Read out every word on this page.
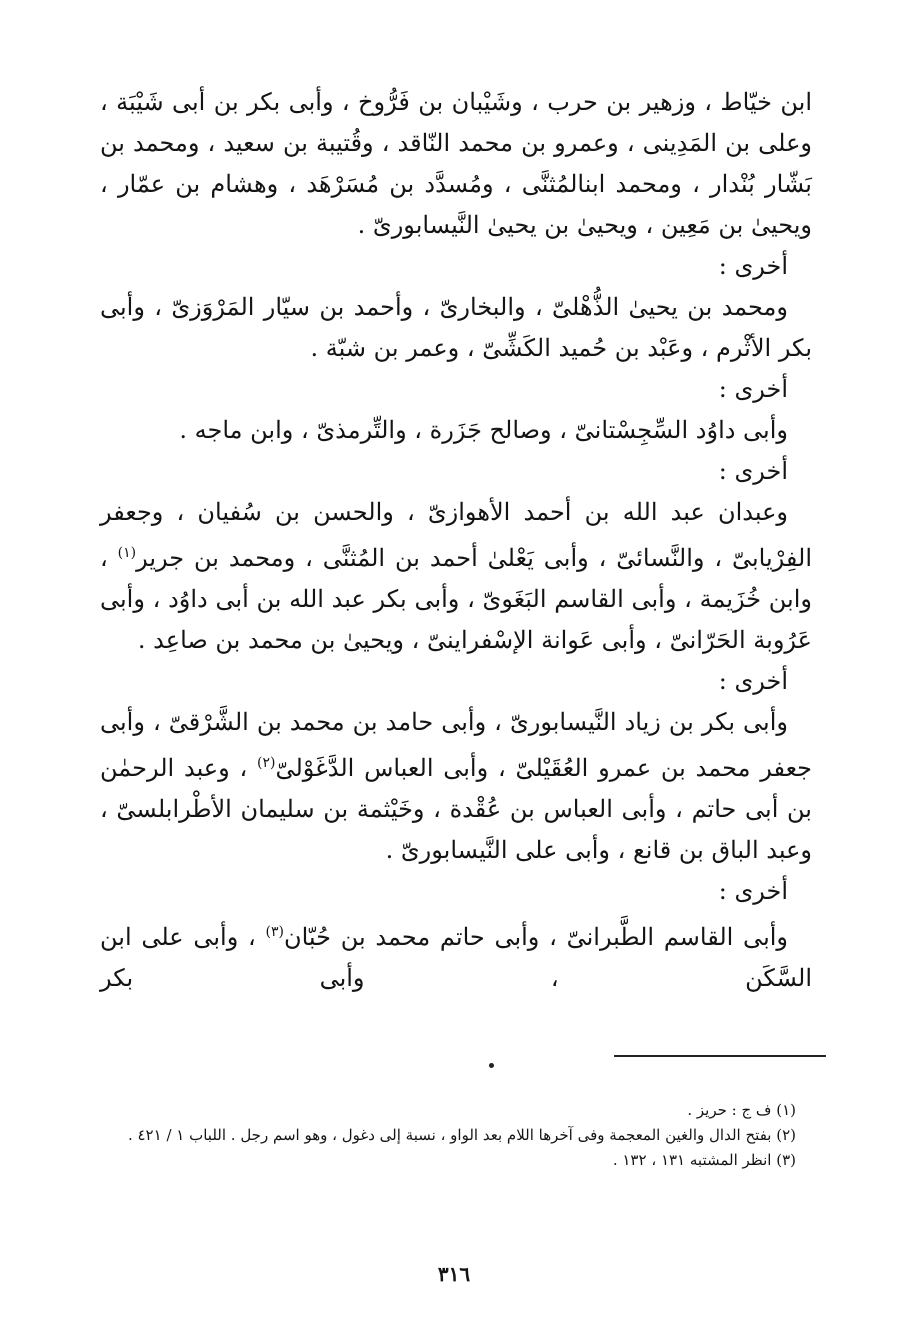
ابن خيّاط ، وزهير بن حرب ، وشَيْبان بن فَرُّوخ ، وأبى بكر بن أبى شَيْبَة ، وعلى بن المَدِينى ، وعمرو بن محمد النّاقد ، وقُتيبة بن سعيد ، ومحمد بن بَشّار بُنْدار ، ومحمد ابنالمُثنَّى ، ومُسدَّد بن مُسَرْهَد ، وهشام بن عمّار ، ويحيىٰ بن مَعِين ، ويحيىٰ بن يحيىٰ النَّيسابورىّ .

أخرى :

ومحمد بن يحيىٰ الذُّهْلىّ ، والبخارىّ ، وأحمد بن سيّار المَرْوَزىّ ، وأبى بكر الأثْرم ، وعَبْد بن حُميد الكَشِّىّ ، وعمر بن شبّة .

أخرى :

وأبى داوُد السِّجِسْتانىّ ، وصالح جَزَرة ، والتِّرمذىّ ، وابن ماجه .

أخرى :

وعبدان عبد الله بن أحمد الأهوازىّ ، والحسن بن سُفيان ، وجعفر الفِرْيابىّ ، والنَّسائىّ ، وأبى يَعْلىٰ أحمد بن المُثنَّى ، ومحمد بن جرير$^{(١)}$ ، وابن خُزَيمة ، وأبى القاسم البَغَوىّ ، وأبى بكر عبد الله بن أبى داوُد ، وأبى عَرُوبة الحَرّانىّ ، وأبى عَوانة الإسْفراينىّ ، ويحيىٰ بن محمد بن صاعِد .

أخرى :

وأبى بكر بن زياد النَّيسابورىّ ، وأبى حامد بن محمد بن الشَّرْقىّ ، وأبى جعفر محمد بن عمرو العُقَيْلىّ ، وأبى العباس الدَّغَوْلىّ$^{(٢)}$ ، وعبد الرحمٰن بن أبى حاتم ، وأبى العباس بن عُقْدة ، وخَيْثمة بن سليمان الأطْرابلسىّ ، وعبد الباق بن قانع ، وأبى على النَّيسابورىّ .

أخرى :

وأبى القاسم الطَّبرانىّ ، وأبى حاتم محمد بن حُبّان$^{(٣)}$ ، وأبى على ابن السَّكَن ، وأبى بكر

(١) ف ج : حريز .

(٢) بفتح الدال والغين المعجمة وفى آخرها اللام بعد الواو ، نسبة إلى دغول ، وهو اسم رجل . اللباب ١ / ٤٢١ .

(٣) انظر المشتبه ١٣١ ، ١٣٢ .

٣١٦
